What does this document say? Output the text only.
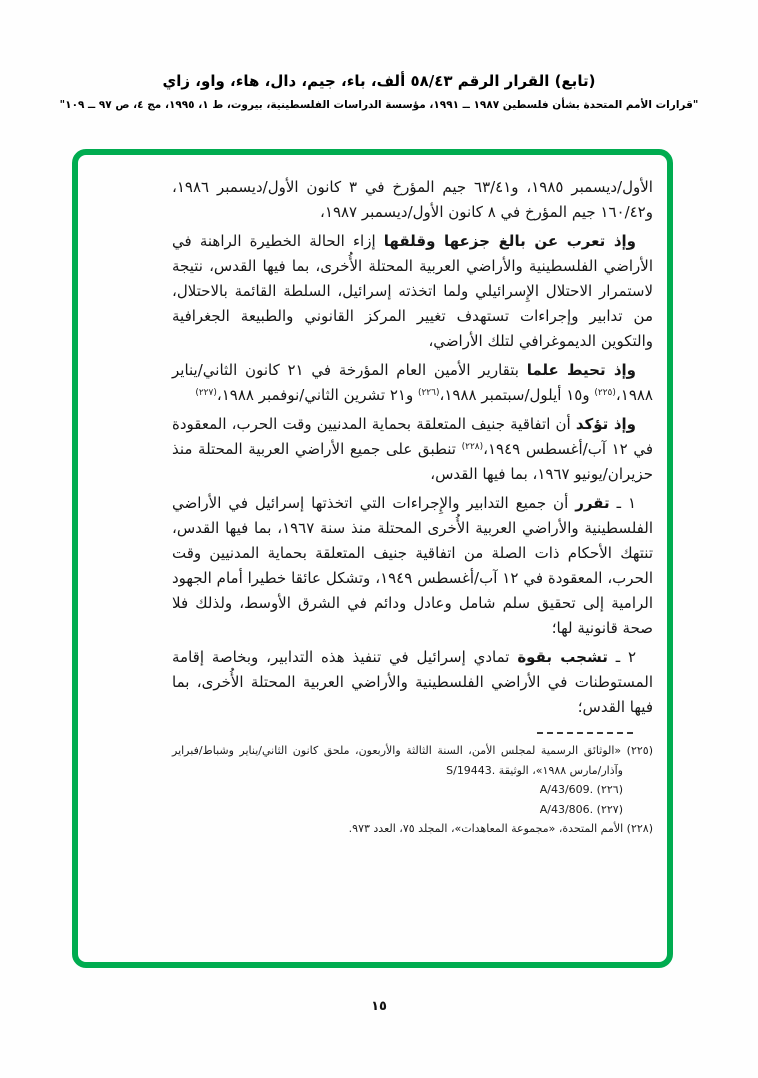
(تابع) القرار الرقم ٥٨/٤٣ ألف، باء، جيم، دال، هاء، واو، زاي
"قرارات الأمم المتحدة بشأن فلسطين ١٩٨٧ ــ ١٩٩١، مؤسسة الدراسات الفلسطينية، بيروت، ط ١، ١٩٩٥، مج ٤، ص ٩٧ ــ ١٠٩"

الأول/ديسمبر ١٩٨٥، و٦٣/٤١ جيم المؤرخ في ٣ كانون الأول/ديسمبر ١٩٨٦، و١٦٠/٤٢ جيم المؤرخ في ٨ كانون الأول/ديسمبر ١٩٨٧،

وإذ تعرب عن بالغ جزعها وقلقها إزاء الحالة الخطيرة الراهنة في الأراضي الفلسطينية والأراضي العربية المحتلة الأُخرى، بما فيها القدس، نتيجة لاستمرار الاحتلال الإِسرائيلي ولما اتخذته إسرائيل، السلطة القائمة بالاحتلال، من تدابير وإجراءات تستهدف تغيير المركز القانوني والطبيعة الجغرافية والتكوين الديموغرافي لتلك الأراضي،

وإذ تحيط علما بتقارير الأمين العام المؤرخة في ٢١ كانون الثاني/يناير ١٩٨٨،$^{(٢٢٥)}$ و١٥ أيلول/سبتمبر ١٩٨٨،$^{(٢٢٦)}$ و٢١ تشرين الثاني/نوفمبر ١٩٨٨،$^{(٢٢٧)}$

وإذ تؤكد أن اتفاقية جنيف المتعلقة بحماية المدنيين وقت الحرب، المعقودة في ١٢ آب/أغسطس ١٩٤٩،$^{(٢٢٨)}$ تنطبق على جميع الأراضي العربية المحتلة منذ حزيران/يونيو ١٩٦٧، بما فيها القدس،

١ ـ تقرر أن جميع التدابير والإِجراءات التي اتخذتها إسرائيل في الأراضي الفلسطينية والأراضي العربية الأُخرى المحتلة منذ سنة ١٩٦٧، بما فيها القدس، تنتهك الأحكام ذات الصلة من اتفاقية جنيف المتعلقة بحماية المدنيين وقت الحرب، المعقودة في ١٢ آب/أغسطس ١٩٤٩، وتشكل عائقا خطيرا أمام الجهود الرامية إلى تحقيق سلم شامل وعادل ودائم في الشرق الأوسط، ولذلك فلا صحة قانونية لها؛

٢ ـ تشجب بقوة تمادي إسرائيل في تنفيذ هذه التدابير، وبخاصة إقامة المستوطنات في الأراضي الفلسطينية والأراضي العربية المحتلة الأُخرى، بما فيها القدس؛

(٢٢٥) «الوثائق الرسمية لمجلس الأمن، السنة الثالثة والأربعون، ملحق كانون الثاني/يناير وشباط/فبراير وآذار/مارس ١٩٨٨»، الوثيقة S/19443.

(٢٢٦) A/43/609.

(٢٢٧) A/43/806.

(٢٢٨) الأمم المتحدة، «مجموعة المعاهدات»، المجلد ٧٥، العدد ٩٧٣.

١٥
